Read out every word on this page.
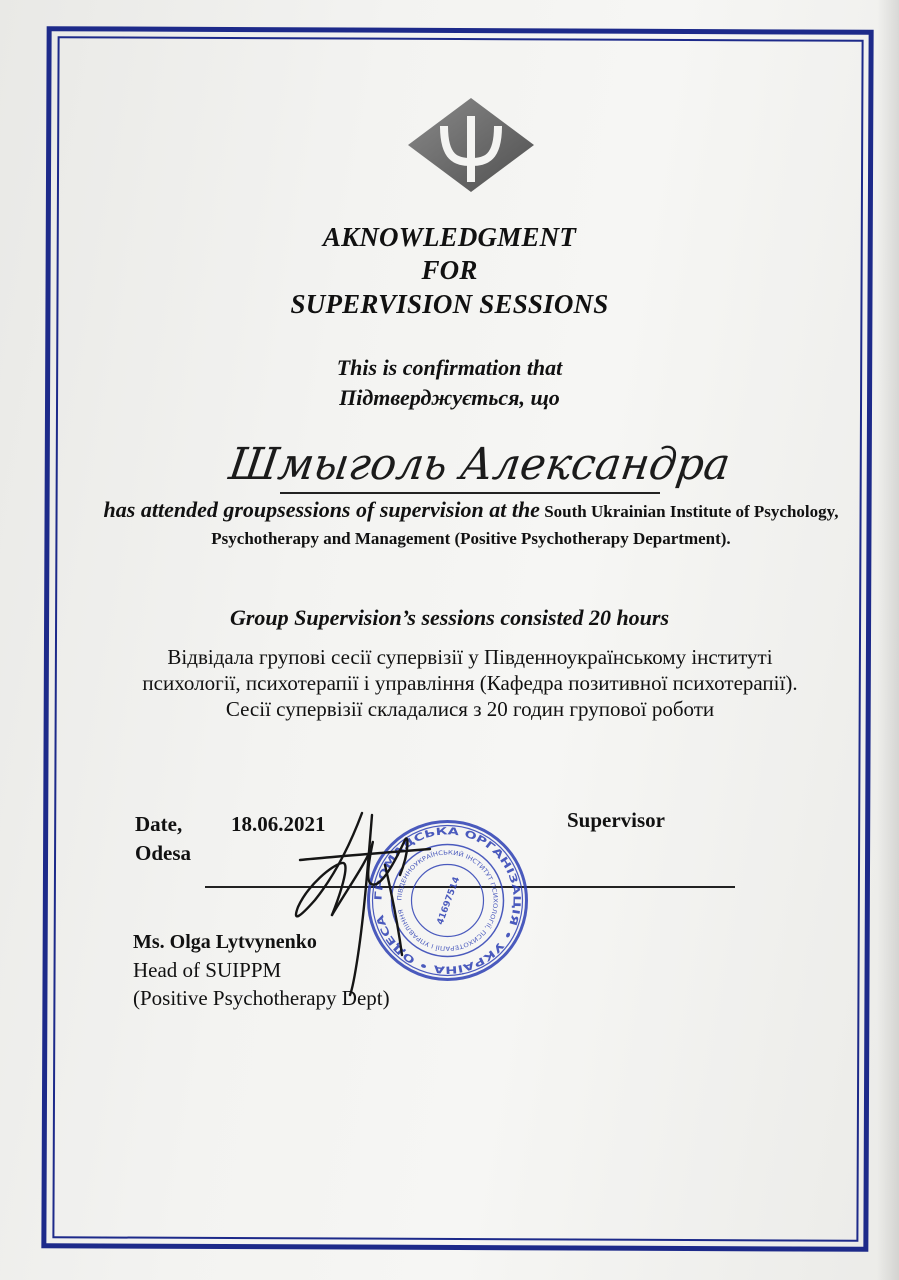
AKNOWLEDGMENT

FOR

SUPERVISION SESSIONS

This is confirmation that

Підтверджується, що

Шмыголь Александра
has attended groupsessions of supervision at the South Ukrainian Institute of Psychology, Psychotherapy and Management (Positive Psychotherapy Department).

Group Supervision’s sessions consisted 20 hours

Відвідала групові сесії супервізії у Південноукраїнському інституті
психології, психотерапії і управління (Кафедра позитивної психотерапії).
Сесії супервізії складалися з 20 годин групової роботи
Date,
Odesa
18.06.2021	Supervisor
ГРОМАДСЬКА ОРГАНІЗАЦІЯ • УКРАЇНА • ОДЕСА
ПІВДЕННОУКРАЇНСЬКИЙ ІНСТИТУТ ПСИХОЛОГІЇ, ПСИХОТЕРАПІЇ І УПРАВЛІННЯ	41697514
Ms. Olga Lytvynenko
Head of SUIPPM
(Positive Psychotherapy Dept)
